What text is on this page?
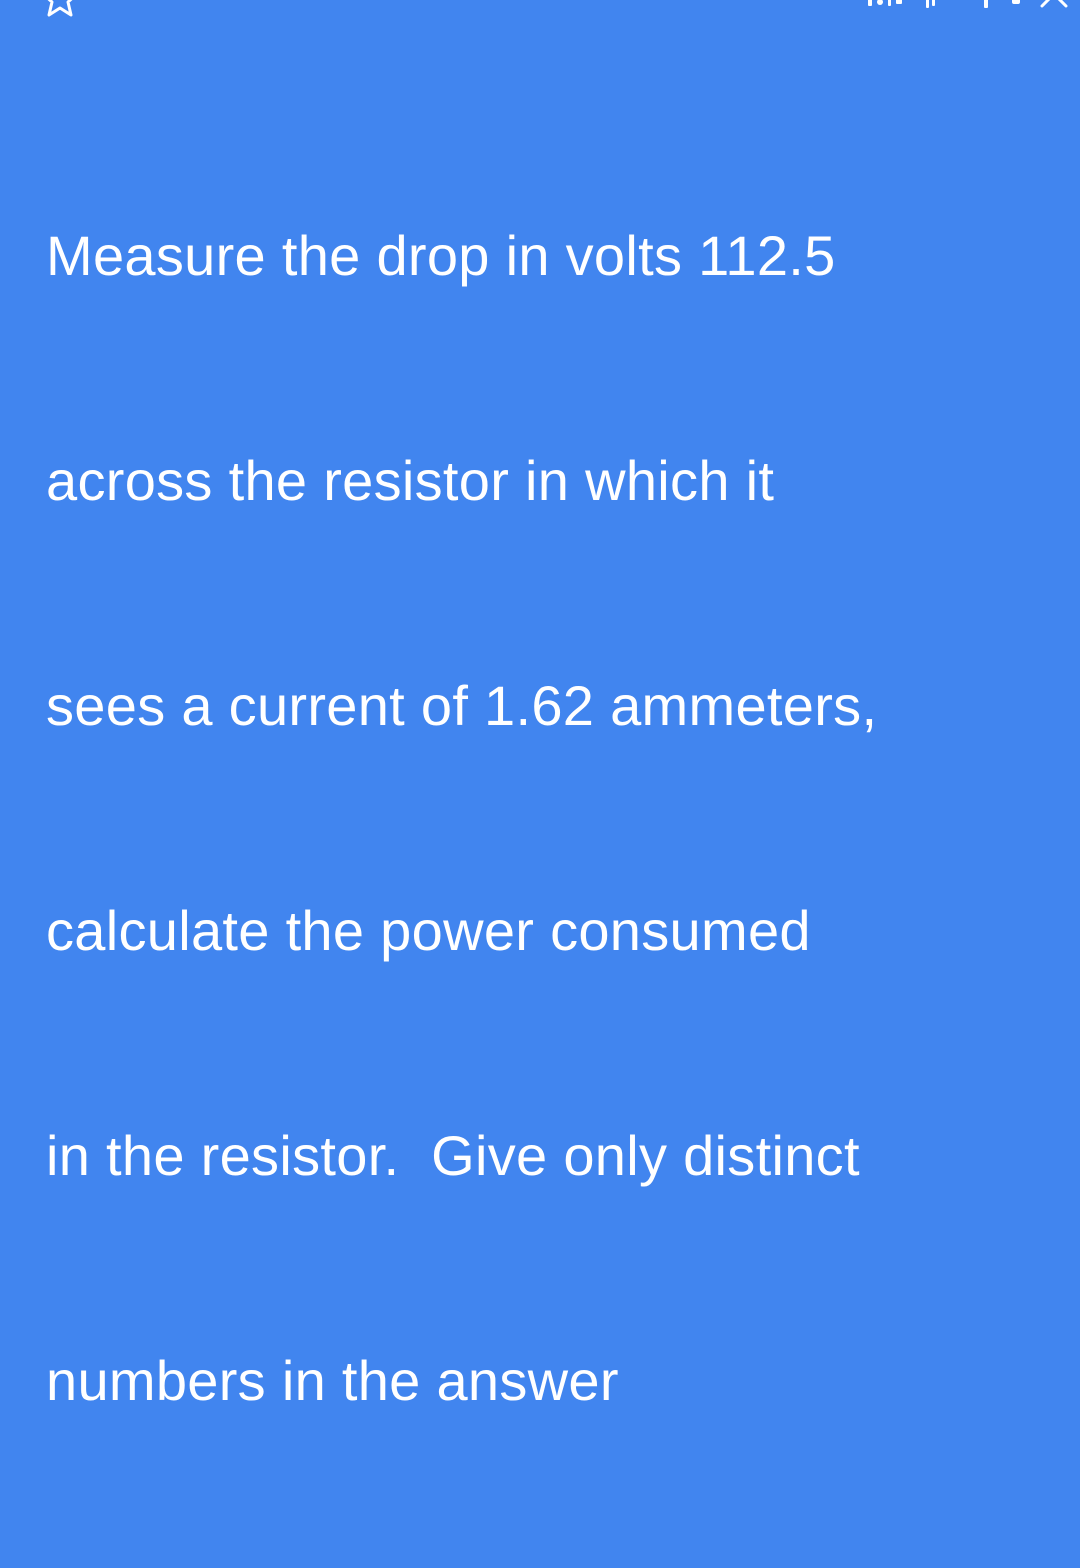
Measure the drop in volts 112.5

across the resistor in which it

sees a current of 1.62 ammeters,

calculate the power consumed

in the resistor.  Give only distinct

numbers in the answer
